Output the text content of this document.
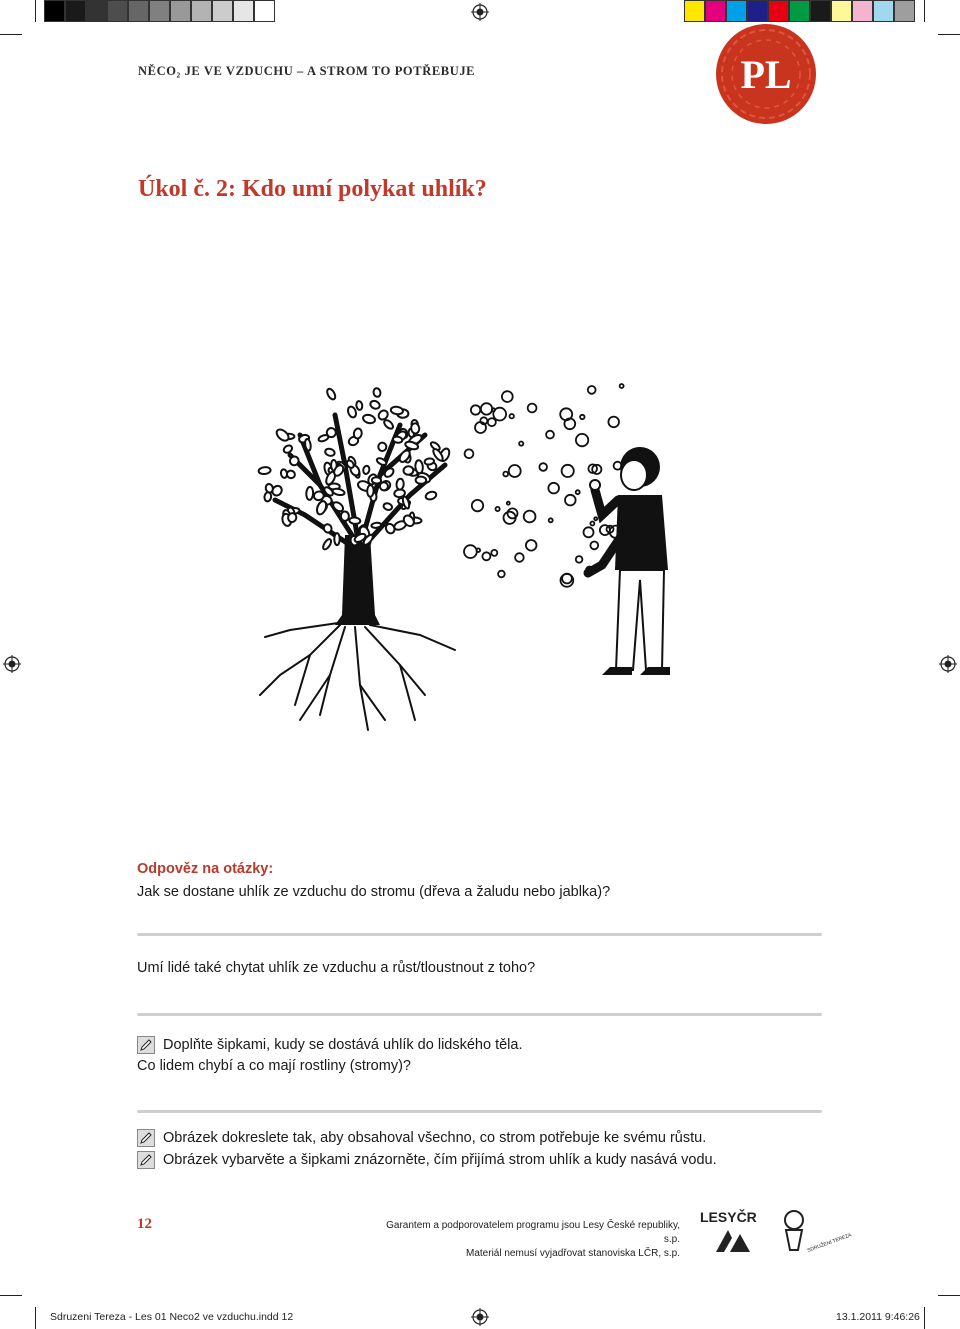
NĚCO₂ JE VE VZDUCHU – A STROM TO POTŘEBUJE	PL
Úkol č. 2: Kdo umí polykat uhlík?
Odpověz na otázky:
Jak se dostane uhlík ze vzduchu do stromu (dřeva a žaludu nebo jablka)?
Umí lidé také chytat uhlík ze vzduchu a růst/tloustnout z toho?
Doplňte šipkami, kudy se dostává uhlík do lidského těla.
Co lidem chybí a co mají rostliny (stromy)?
Obrázek dokreslete tak, aby obsahoval všechno, co strom potřebuje ke svému růstu.
Obrázek vybarvěte a šipkami znázorněte, čím přijímá strom uhlík a kudy nasává vodu.
12	Garantem a podporovatelem programu jsou Lesy České republiky, s.p.
Materiál nemusí vyjadřovat stanoviska LČR, s.p.
LESYČR
SDRUŽENÍ TEREZA
Sdruzeni Tereza - Les 01 Neco2 ve vzduchu.indd 12	13.1.2011 9:46:26
